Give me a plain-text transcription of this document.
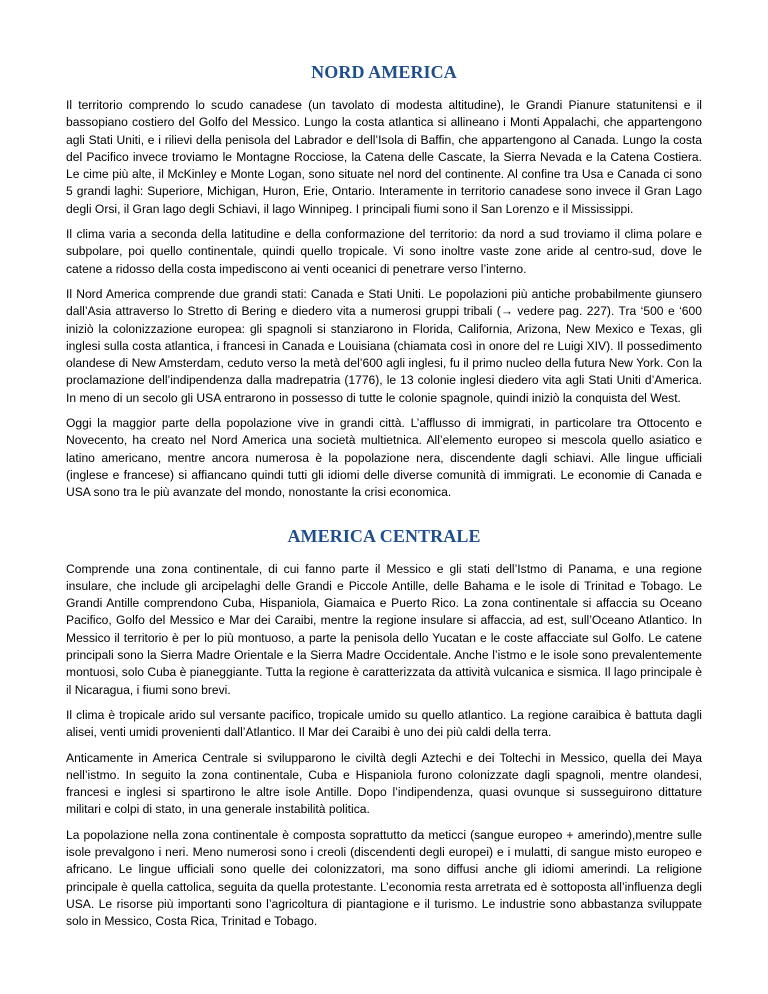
NORD AMERICA

Il territorio comprendo lo scudo canadese (un tavolato di modesta altitudine), le Grandi Pianure statunitensi e il bassopiano costiero del Golfo del Messico. Lungo la costa atlantica si allineano i Monti Appalachi, che appartengono agli Stati Uniti, e i rilievi della penisola del Labrador e dell’Isola di Baffin, che appartengono al Canada. Lungo la costa del Pacifico invece troviamo le Montagne Rocciose, la Catena delle Cascate, la Sierra Nevada e la Catena Costiera. Le cime più alte, il McKinley e Monte Logan, sono situate nel nord del continente. Al confine tra Usa e Canada ci sono 5 grandi laghi: Superiore, Michigan, Huron, Erie, Ontario. Interamente in territorio canadese sono invece il Gran Lago degli Orsi, il Gran lago degli Schiavi, il lago Winnipeg. I principali fiumi sono il San Lorenzo e il Mississippi.

Il clima varia a seconda della latitudine e della conformazione del territorio: da nord a sud troviamo il clima polare e subpolare, poi quello continentale, quindi quello tropicale. Vi sono inoltre vaste zone aride al centro-sud, dove le catene a ridosso della costa impediscono ai venti oceanici di penetrare verso l’interno.

Il Nord America comprende due grandi stati: Canada e Stati Uniti. Le popolazioni più antiche probabilmente giunsero dall’Asia attraverso lo Stretto di Bering e diedero vita a numerosi gruppi tribali (→ vedere pag. 227). Tra ‘500 e ‘600 iniziò la colonizzazione europea: gli spagnoli si stanziarono in Florida, California, Arizona, New Mexico e Texas, gli inglesi sulla costa atlantica, i francesi in Canada e Louisiana (chiamata così in onore del re Luigi XIV). Il possedimento olandese di New Amsterdam, ceduto verso la metà del’600 agli inglesi, fu il primo nucleo della futura New York. Con la proclamazione dell’indipendenza dalla madrepatria (1776), le 13 colonie inglesi diedero vita agli Stati Uniti d’America. In meno di un secolo gli USA entrarono in possesso di tutte le colonie spagnole, quindi iniziò la conquista del West.

Oggi la maggior parte della popolazione vive in grandi città. L’afflusso di immigrati, in particolare tra Ottocento e Novecento, ha creato nel Nord America una società multietnica. All’elemento europeo si mescola quello asiatico e latino americano, mentre ancora numerosa è la popolazione nera, discendente dagli schiavi. Alle lingue ufficiali (inglese e francese) si affiancano quindi tutti gli idiomi delle diverse comunità di immigrati. Le economie di Canada e USA sono tra le più avanzate del mondo, nonostante la crisi economica.

AMERICA CENTRALE

Comprende una zona continentale, di cui fanno parte il Messico e gli stati dell’Istmo di Panama, e una regione insulare, che include gli arcipelaghi delle Grandi e Piccole Antille, delle Bahama e le isole di Trinitad e Tobago. Le Grandi Antille comprendono Cuba, Hispaniola, Giamaica e Puerto Rico. La zona continentale si affaccia su Oceano Pacifico, Golfo del Messico e Mar dei Caraibi, mentre la regione insulare si affaccia, ad est, sull’Oceano Atlantico. In Messico il territorio è per lo più montuoso, a parte la penisola dello Yucatan e le coste affacciate sul Golfo. Le catene principali sono la Sierra Madre Orientale e la Sierra Madre Occidentale. Anche l’istmo e le isole sono prevalentemente montuosi, solo Cuba è pianeggiante. Tutta la regione è caratterizzata da attività vulcanica e sismica. Il lago principale è il Nicaragua, i fiumi sono brevi.

Il clima è tropicale arido sul versante pacifico, tropicale umido su quello atlantico. La regione caraibica è battuta dagli alisei, venti umidi provenienti dall’Atlantico. Il Mar dei Caraibi è uno dei più caldi della terra.

Anticamente in America Centrale si svilupparono le civiltà degli Aztechi e dei Toltechi in Messico, quella dei Maya nell’istmo. In seguito la zona continentale, Cuba e Hispaniola furono colonizzate dagli spagnoli, mentre olandesi, francesi e inglesi si spartirono le altre isole Antille. Dopo l’indipendenza, quasi ovunque si susseguirono dittature militari e colpi di stato, in una generale instabilità politica.

La popolazione nella zona continentale è composta soprattutto da meticci (sangue europeo + amerindo),mentre sulle isole prevalgono i neri. Meno numerosi sono i creoli (discendenti degli europei) e i mulatti, di sangue misto europeo e africano. Le lingue ufficiali sono quelle dei colonizzatori, ma sono diffusi anche gli idiomi amerindi. La religione principale è quella cattolica, seguita da quella protestante. L’economia resta arretrata ed è sottoposta all’influenza degli USA. Le risorse più importanti sono l’agricoltura di piantagione e il turismo. Le industrie sono abbastanza sviluppate solo in Messico, Costa Rica, Trinitad e Tobago.
